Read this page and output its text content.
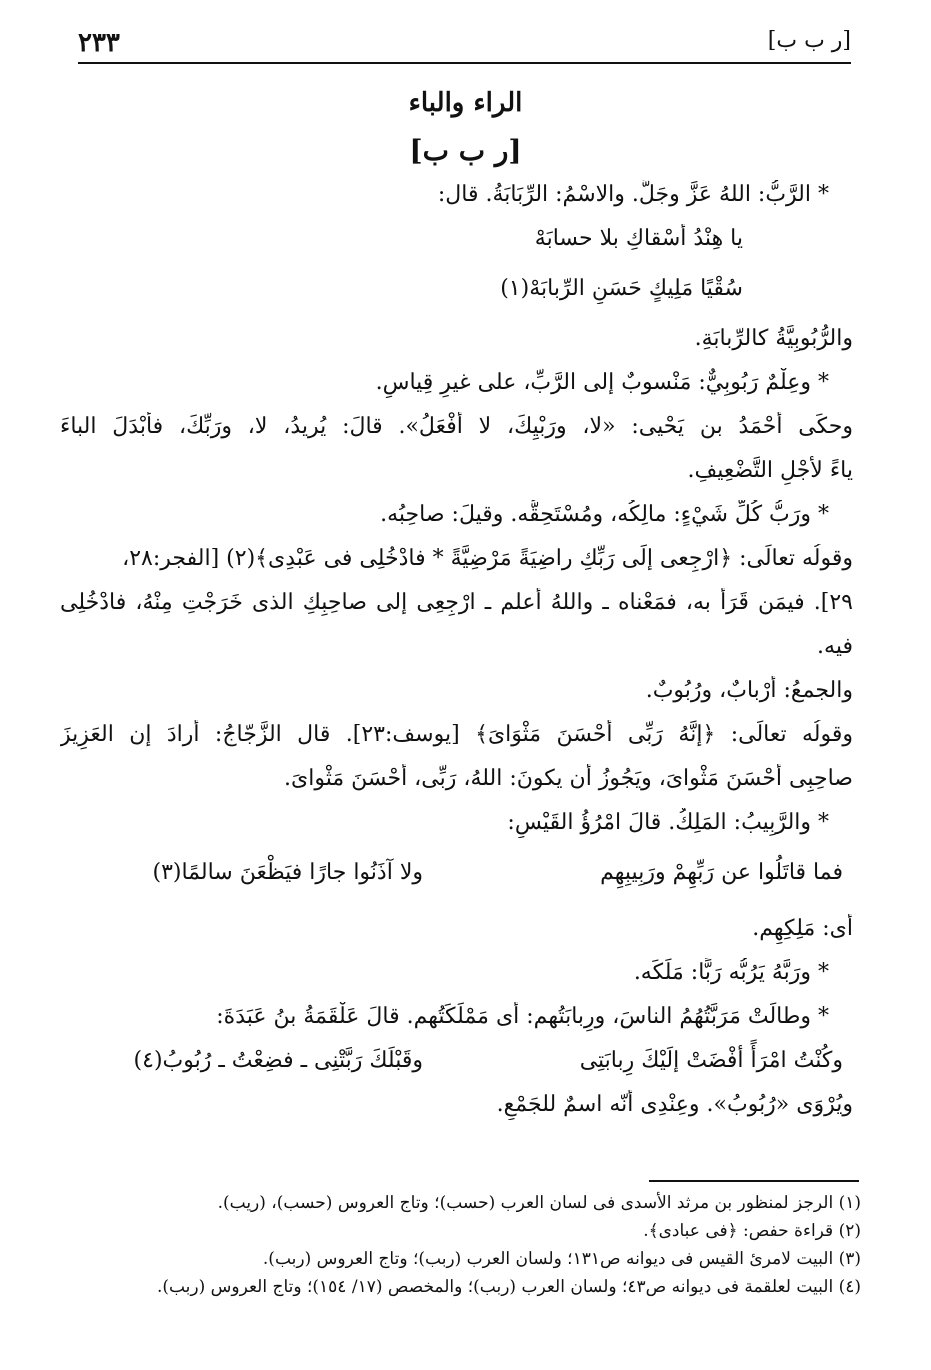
[ر ب ب]
٢٣٣
الراء والباء
[ر ب ب]

* الرَّبُّ: اللهُ عَزَّ وجَلَّ. والاسْمُ: الرِّبَابَةُ. قال:

يا هِنْدُ أسْقاكِ بلا حسابَهْ

سُقْيًا مَلِيكٍ حَسَنِ الرِّبابَهْ(١)

والرُّبُوبِيَّةُ كالرِّبابَةِ.

* وعِلْمٌ رَبُوبِيٌّ: مَنْسوبٌ إلى الرَّبِّ، على غيرِ قِياسٍ.

وحكَى أحْمَدُ بن يَحْيى: «لا، ورَبْيِكَ، لا أفْعَلُ». قالَ: يُريدُ، لا، ورَبِّكَ، فأبْدَلَ الباءَ

ياءً لأَجْلِ التَّضْعِيفِ.

* ورَبُّ كُلِّ شَيْءٍ: مالِكُه، ومُسْتَحِقُّه. وقيلَ: صاحِبُه.

وقولُه تعالَى: ﴿ارْجِعى إلَى رَبِّكِ راضِيَةً مَرْضِيَّةً * فادْخُلِى فى عَبْدِى﴾(٢) [الفجر:٢٨،

٢٩]. فيمَن قَرَأَ به، فمَعْناه ـ واللهُ أعلم ـ ارْجِعِى إلى صاحِبِكِ الذى خَرَجْتِ مِنْهُ، فادْخُلِى

فيه.

والجمعُ: أرْبابٌ، ورُبُوبٌ.

وقولُه تعالَى: ﴿إنَّهُ رَبِّى أحْسَنَ مَثْوَاىَ﴾ [يوسف:٢٣]. قال الزَّجّاجُ: أرادَ إن العَزِيزَ

صاحِبِى أحْسَنَ مَثْواىَ، ويَجُوزُ أن يكونَ: اللهُ، رَبِّى، أحْسَنَ مَثْواىَ.

* والرَّبِيبُ: المَلِكُ. قالَ امْرُؤُ القَيْسِ:

فما قاتَلُوا عن رَبِّهِمْ ورَبِيبِهِم
ولا آذَنُوا جارًا فيَظْعَنَ سالمًا(٣)

أى: مَلِكِهِم.

* ورَبَّهُ يَرُبُّه رَبًّا: مَلَكَه.

* وطالَتْ مَرَبَّتُهُمُ الناسَ، ورِبابَتُهم: أى مَمْلَكَتُهم. قالَ عَلْقَمَةُ بنُ عَبَدَةَ:

وكُنْتُ امْرَأً أفْضَتْ إلَيْكَ رِبابَتِى
وقَبْلَكَ رَبَّتْنِى ـ فضِعْتُ ـ رُبُوبُ(٤)

ويُرْوَى «رُبُوبُ». وعِنْدِى أنّه اسمٌ للجَمْعِ.

(١) الرجز لمنظور بن مرثد الأسدى فى لسان العرب (حسب)؛ وتاج العروس (حسب)، (ريب).

(٢) قراءة حفص: ﴿فى عبادى﴾.

(٣) البيت لامرئ القيس فى ديوانه ص١٣١؛ ولسان العرب (ربب)؛ وتاج العروس (ربب).

(٤) البيت لعلقمة فى ديوانه ص٤٣؛ ولسان العرب (ربب)؛ والمخصص (١٧/ ١٥٤)؛ وتاج العروس (ربب).
